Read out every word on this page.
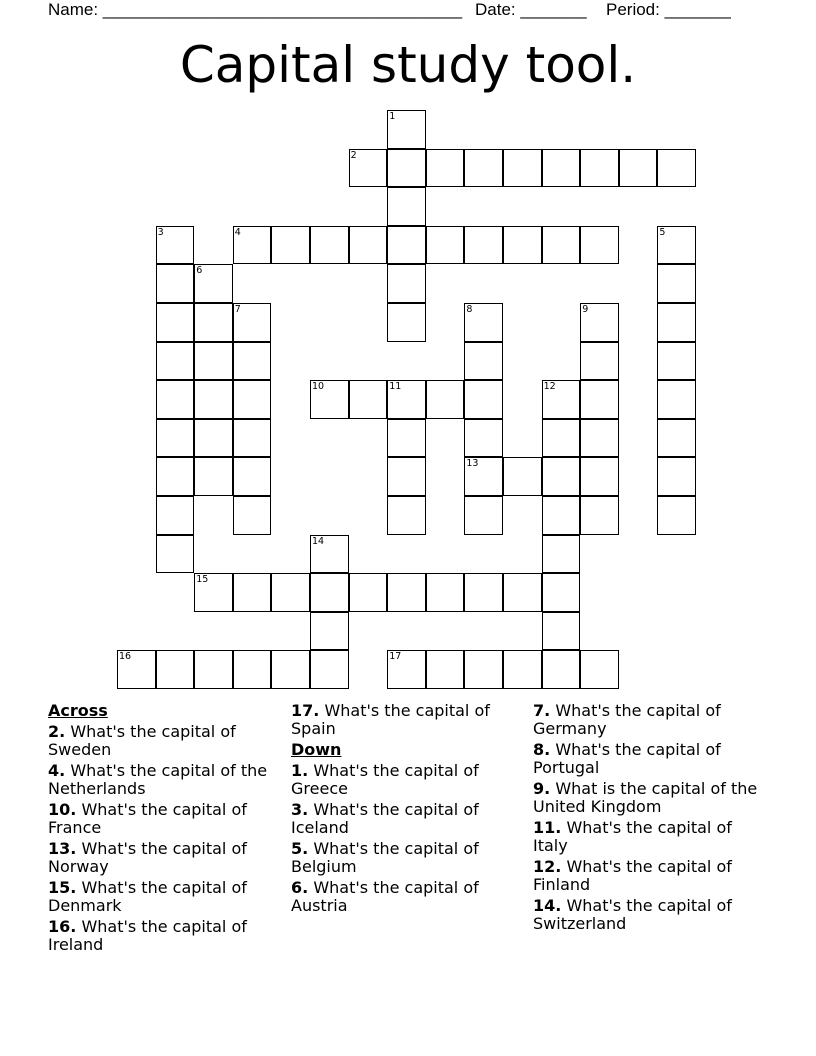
Name: ______________________________________ Date: _______ Period: _______
Capital study tool.
2
4
10	11
13
15
16	17
1
3	5
6
7	8	9
12
14
Across
2. What's the capital of Sweden
4. What's the capital of the Netherlands
10. What's the capital of France
13. What's the capital of Norway
15. What's the capital of Denmark
16. What's the capital of Ireland
17. What's the capital of Spain
Down
1. What's the capital of Greece
3. What's the capital of Iceland
5. What's the capital of Belgium
6. What's the capital of Austria
7. What's the capital of Germany
8. What's the capital of Portugal
9. What is the capital of the United Kingdom
11. What's the capital of Italy
12. What's the capital of Finland
14. What's the capital of Switzerland
